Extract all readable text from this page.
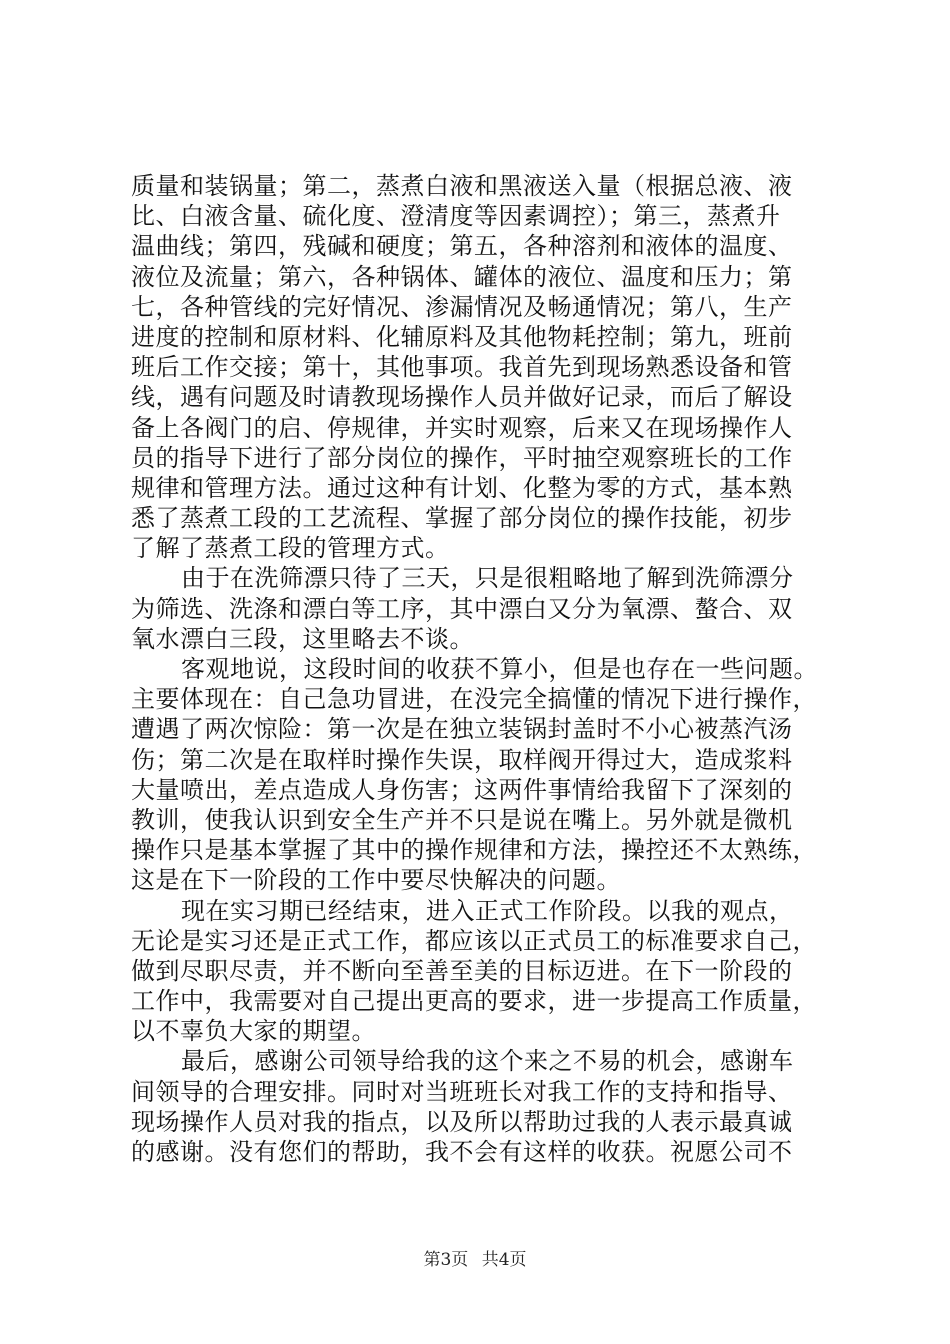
质量和装锅量；第二，蒸煮白液和黑液送入量（根据总液、液
比、白液含量、硫化度、澄清度等因素调控）；第三，蒸煮升
温曲线；第四，残碱和硬度；第五，各种溶剂和液体的温度、
液位及流量；第六，各种锅体、罐体的液位、温度和压力；第
七，各种管线的完好情况、渗漏情况及畅通情况；第八，生产
进度的控制和原材料、化辅原料及其他物耗控制；第九，班前
班后工作交接；第十，其他事项。我首先到现场熟悉设备和管
线，遇有问题及时请教现场操作人员并做好记录，而后了解设
备上各阀门的启、停规律，并实时观察，后来又在现场操作人
员的指导下进行了部分岗位的操作，平时抽空观察班长的工作
规律和管理方法。通过这种有计划、化整为零的方式，基本熟
悉了蒸煮工段的工艺流程、掌握了部分岗位的操作技能，初步
了解了蒸煮工段的管理方式。
由于在洗筛漂只待了三天，只是很粗略地了解到洗筛漂分
为筛选、洗涤和漂白等工序，其中漂白又分为氧漂、螯合、双
氧水漂白三段，这里略去不谈。
客观地说，这段时间的收获不算小，但是也存在一些问题。
主要体现在：自己急功冒进，在没完全搞懂的情况下进行操作，
遭遇了两次惊险：第一次是在独立装锅封盖时不小心被蒸汽汤
伤；第二次是在取样时操作失误，取样阀开得过大，造成浆料
大量喷出，差点造成人身伤害；这两件事情给我留下了深刻的
教训，使我认识到安全生产并不只是说在嘴上。另外就是微机
操作只是基本掌握了其中的操作规律和方法，操控还不太熟练，
这是在下一阶段的工作中要尽快解决的问题。
现在实习期已经结束，进入正式工作阶段。以我的观点，
无论是实习还是正式工作，都应该以正式员工的标准要求自己，
做到尽职尽责，并不断向至善至美的目标迈进。在下一阶段的
工作中，我需要对自己提出更高的要求，进一步提高工作质量，
以不辜负大家的期望。
最后，感谢公司领导给我的这个来之不易的机会，感谢车
间领导的合理安排。同时对当班班长对我工作的支持和指导、
现场操作人员对我的指点，以及所以帮助过我的人表示最真诚
的感谢。没有您们的帮助，我不会有这样的收获。祝愿公司不
第3页 共4页
